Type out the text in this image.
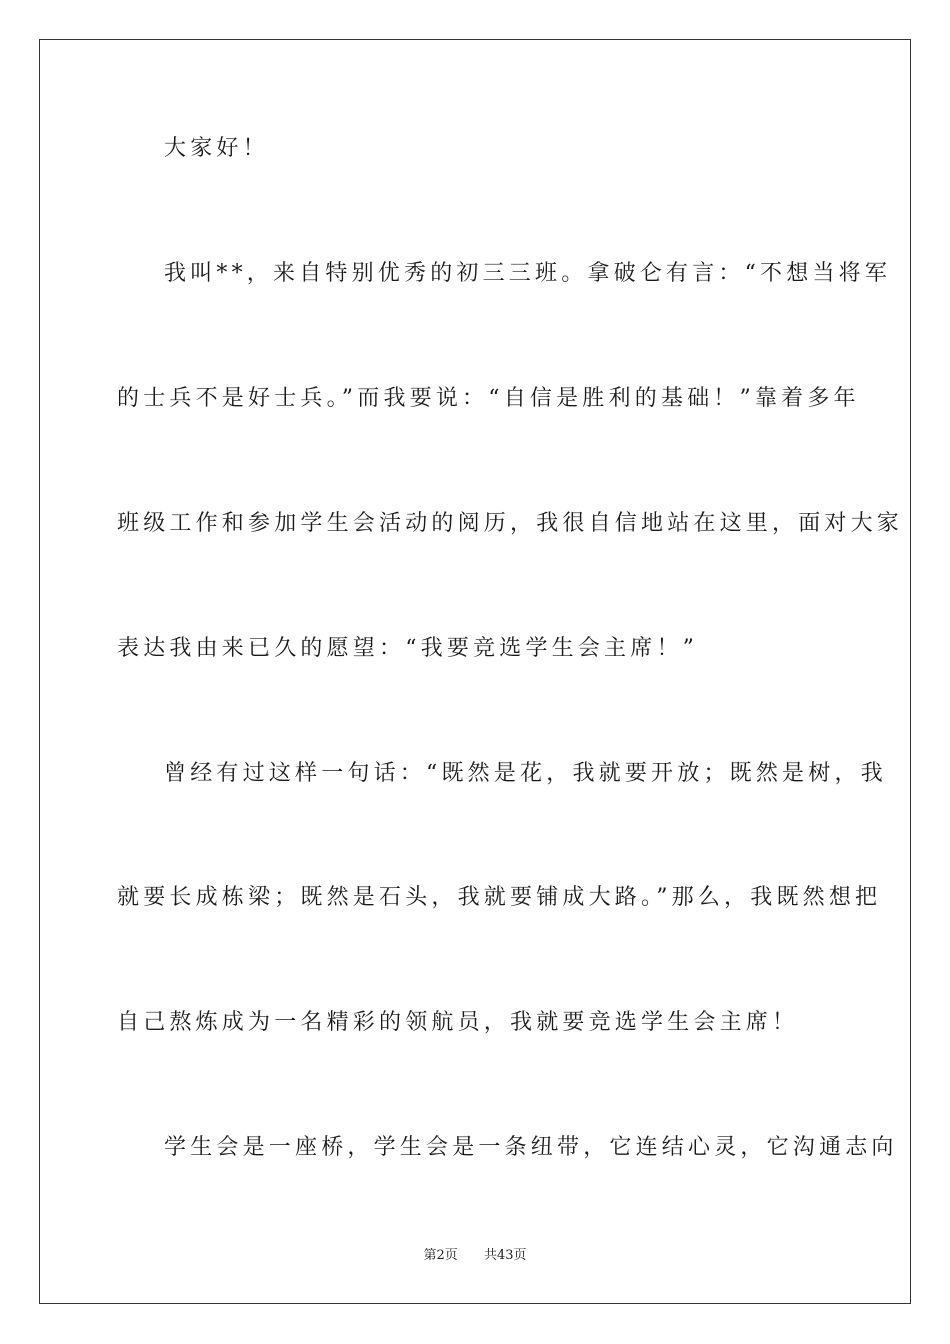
大家好！
我叫**，来自特别优秀的初三三班。拿破仑有言：“不想当将军
的士兵不是好士兵。”而我要说：“自信是胜利的基础！”靠着多年
班级工作和参加学生会活动的阅历，我很自信地站在这里，面对大家
表达我由来已久的愿望：“我要竞选学生会主席！”
曾经有过这样一句话：“既然是花，我就要开放；既然是树，我
就要长成栋梁；既然是石头，我就要铺成大路。”那么，我既然想把
自己熬炼成为一名精彩的领航员，我就要竞选学生会主席！
学生会是一座桥，学生会是一条纽带，它连结心灵，它沟通志向
第2页 共43页
